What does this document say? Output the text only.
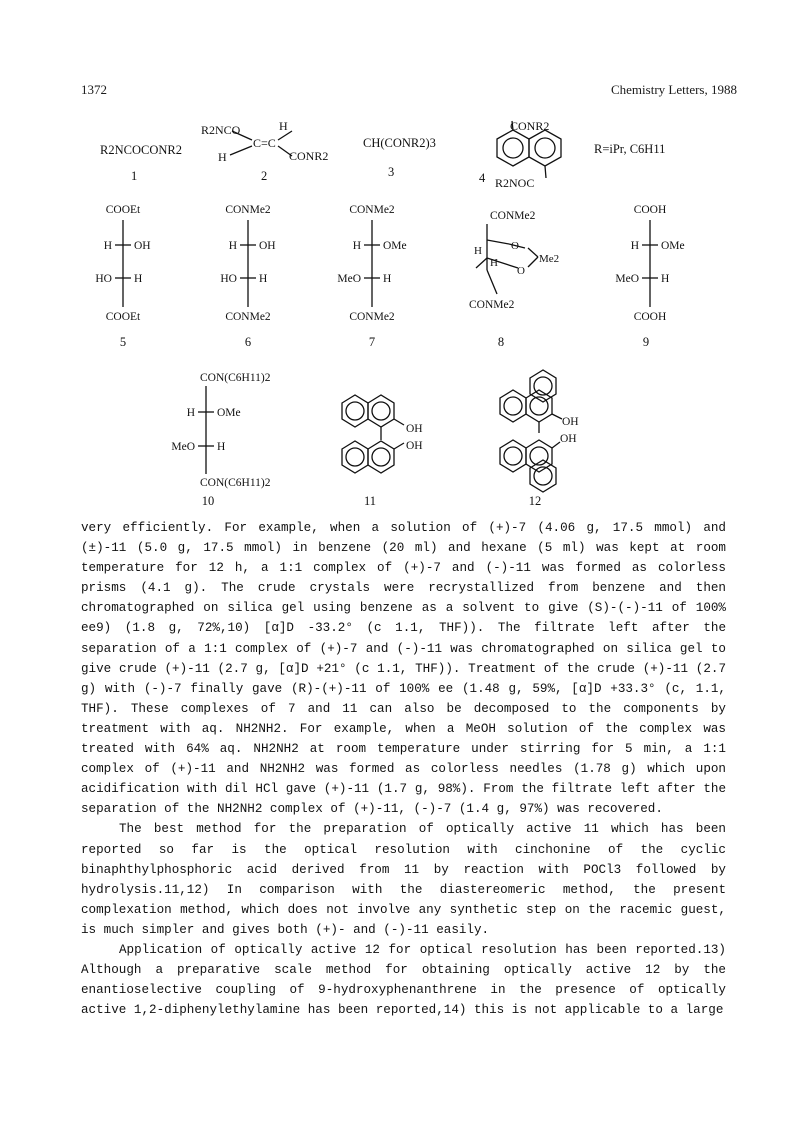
1372	Chemistry Letters, 1988
R2NCOCONR2
1
R2NCO	H
C=C
H	CONR2
2
CH(CONR2)3
3
CONR2
R2NOC
4
R=iPr, C6H11
COOEt
H OH
HO H
COOEt
5
CONMe2
H OH
HO H
CONMe2
6
CONMe2
H OMe
MeO H
CONMe2
7
CONMe2
H
H
O
O
Me2
CONMe2
8
COOH
H OMe
MeO H
COOH
9
CON(C6H11)2
H OMe
MeO H
CON(C6H11)2
10
OH
OH
11
OH
OH
12

very efficiently. For example, when a solution of (+)-7 (4.06 g, 17.5 mmol) and (±)-11 (5.0 g, 17.5 mmol) in benzene (20 ml) and hexane (5 ml) was kept at room temperature for 12 h, a 1:1 complex of (+)-7 and (-)-11 was formed as colorless prisms (4.1 g). The crude crystals were recrystallized from benzene and then chromatographed on silica gel using benzene as a solvent to give (S)-(-)-11 of 100% ee9) (1.8 g, 72%,10) [α]D -33.2° (c 1.1, THF)). The filtrate left after the separation of a 1:1 complex of (+)-7 and (-)-11 was chromatographed on silica gel to give crude (+)-11 (2.7 g, [α]D +21° (c 1.1, THF)). Treatment of the crude (+)-11 (2.7 g) with (-)-7 finally gave (R)-(+)-11 of 100% ee (1.48 g, 59%, [α]D +33.3° (c, 1.1, THF). These complexes of 7 and 11 can also be decomposed to the components by treatment with aq. NH2NH2. For example, when a MeOH solution of the complex was treated with 64% aq. NH2NH2 at room temperature under stirring for 5 min, a 1:1 complex of (+)-11 and NH2NH2 was formed as colorless needles (1.78 g) which upon acidification with dil HCl gave (+)-11 (1.7 g, 98%). From the filtrate left after the separation of the NH2NH2 complex of (+)-11, (-)-7 (1.4 g, 97%) was recovered.

The best method for the preparation of optically active 11 which has been reported so far is the optical resolution with cinchonine of the cyclic binaphthylphosphoric acid derived from 11 by reaction with POCl3 followed by hydrolysis.11,12) In comparison with the diastereomeric method, the present complexation method, which does not involve any synthetic step on the racemic guest, is much simpler and gives both (+)- and (-)-11 easily.

Application of optically active 12 for optical resolution has been reported.13) Although a preparative scale method for obtaining optically active 12 by the enantioselective coupling of 9-hydroxyphenanthrene in the presence of optically active 1,2-diphenylethylamine has been reported,14) this is not applicable to a large
